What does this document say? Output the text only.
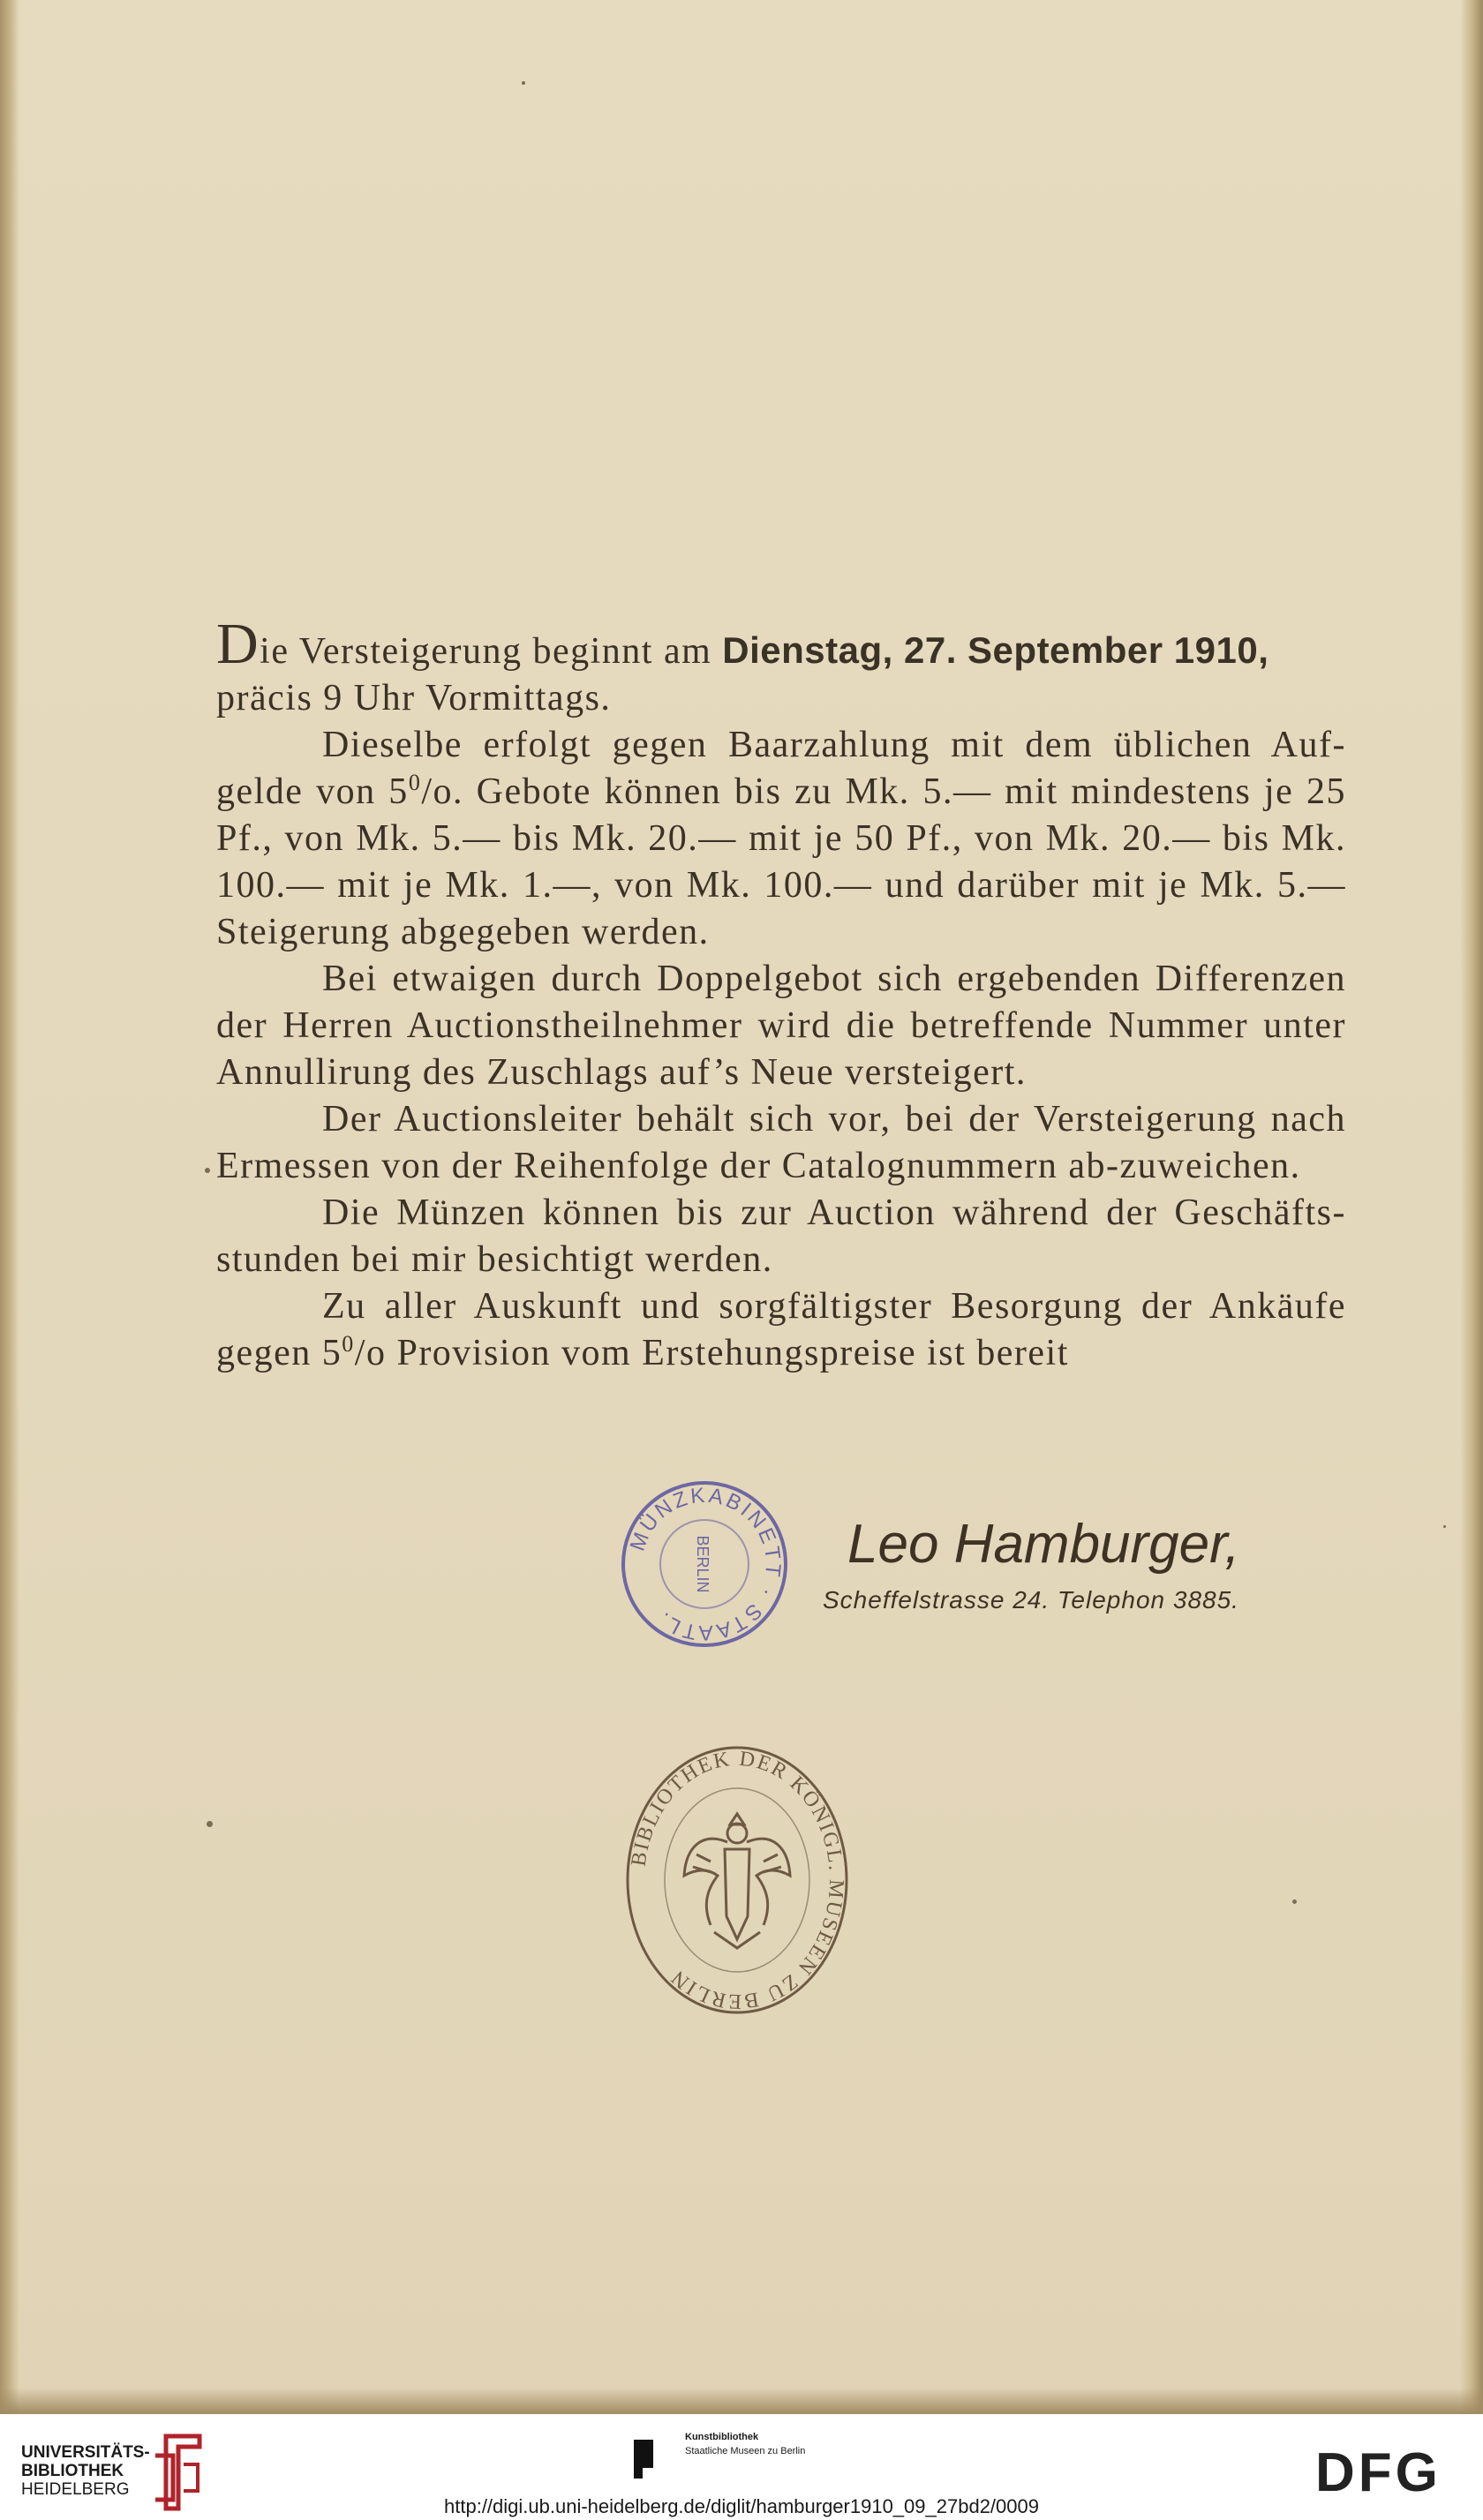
Die Versteigerung beginnt am Dienstag, 27. September 1910,
präcis 9 Uhr Vormittags.

Dieselbe erfolgt gegen Baarzahlung mit dem üblichen Auf-gelde von $5^0/o$. Gebote können bis zu Mk. 5.— mit mindestens je 25 Pf., von Mk. 5.— bis Mk. 20.— mit je 50 Pf., von Mk. 20.— bis Mk. 100.— mit je Mk. 1.—, von Mk. 100.— und darüber mit je Mk. 5.— Steigerung abgegeben werden.

Bei etwaigen durch Doppelgebot sich ergebenden Differenzen der Herren Auctionstheilnehmer wird die betreffende Nummer unter Annullirung des Zuschlags auf’s Neue versteigert.

Der Auctionsleiter behält sich vor, bei der Versteigerung nach Ermessen von der Reihenfolge der Catalognummern ab-zuweichen.

Die Münzen können bis zur Auction während der Geschäfts-stunden bei mir besichtigt werden.

Zu aller Auskunft und sorgfältigster Besorgung der Ankäufe gegen $5^0/o$ Provision vom Erstehungspreise ist bereit

MÜNZKABINETT · STAATL.
BERLIN Leo Hamburger,
Scheffelstrasse 24. Telephon 3885.
BIBLIOTHEK DER KÖNIGL. MUSEEN ZU BERLIN
UNIVERSITÄTS-
BIBLIOTHEK
HEIDELBERG
Kunstbibliothek
Staatliche Museen zu Berlin	DFG
http://digi.ub.uni-heidelberg.de/diglit/hamburger1910_09_27bd2/0009
